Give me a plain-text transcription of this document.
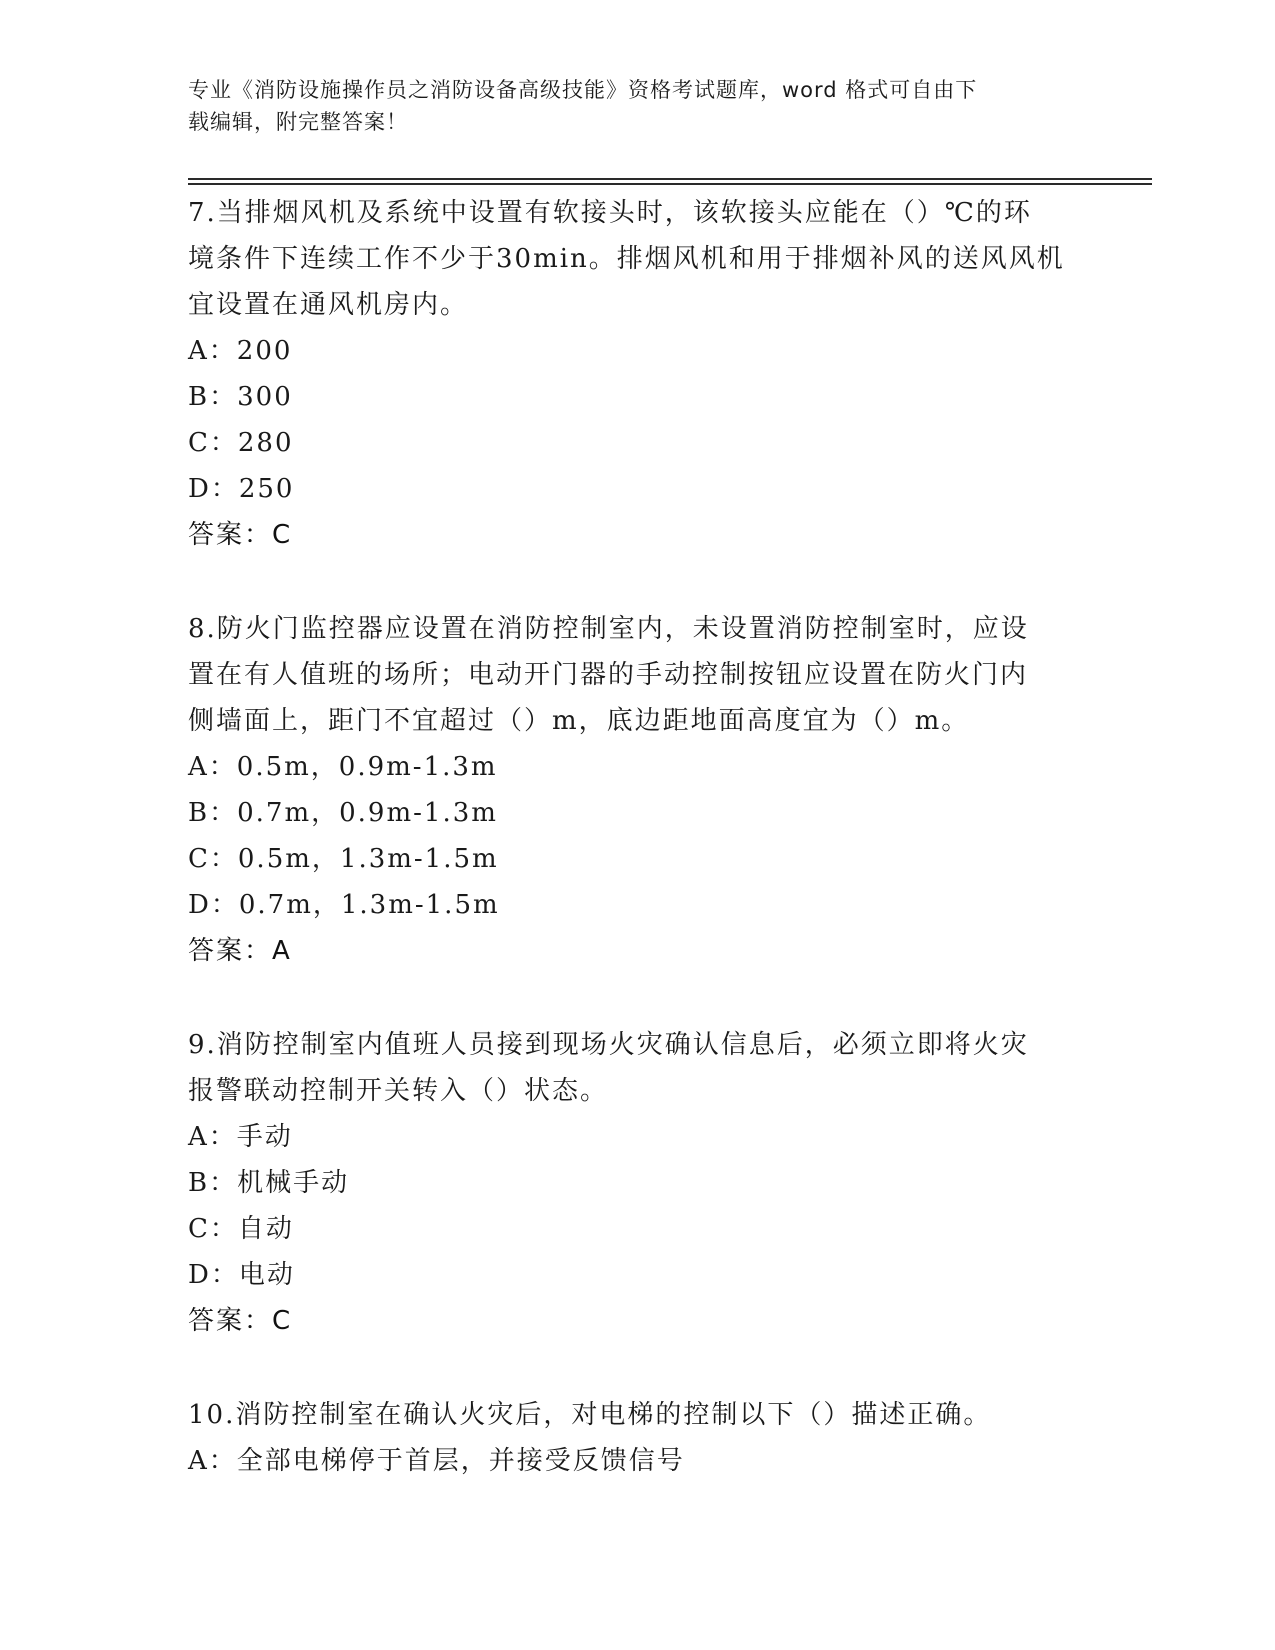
专业《消防设施操作员之消防设备高级技能》资格考试题库，word 格式可自由下
载编辑，附完整答案！

7.当排烟风机及系统中设置有软接头时，该软接头应能在（）℃的环

境条件下连续工作不少于30min。排烟风机和用于排烟补风的送风风机

宜设置在通风机房内。

A：200

B：300

C：280

D：250

答案：C

8.防火门监控器应设置在消防控制室内，未设置消防控制室时，应设

置在有人值班的场所；电动开门器的手动控制按钮应设置在防火门内

侧墙面上，距门不宜超过（）m，底边距地面高度宜为（）m。

A：0.5m，0.9m-1.3m

B：0.7m，0.9m-1.3m

C：0.5m，1.3m-1.5m

D：0.7m，1.3m-1.5m

答案：A

9.消防控制室内值班人员接到现场火灾确认信息后，必须立即将火灾

报警联动控制开关转入（）状态。

A：手动

B：机械手动

C：自动

D：电动

答案：C

10.消防控制室在确认火灾后，对电梯的控制以下（）描述正确。

A：全部电梯停于首层，并接受反馈信号
